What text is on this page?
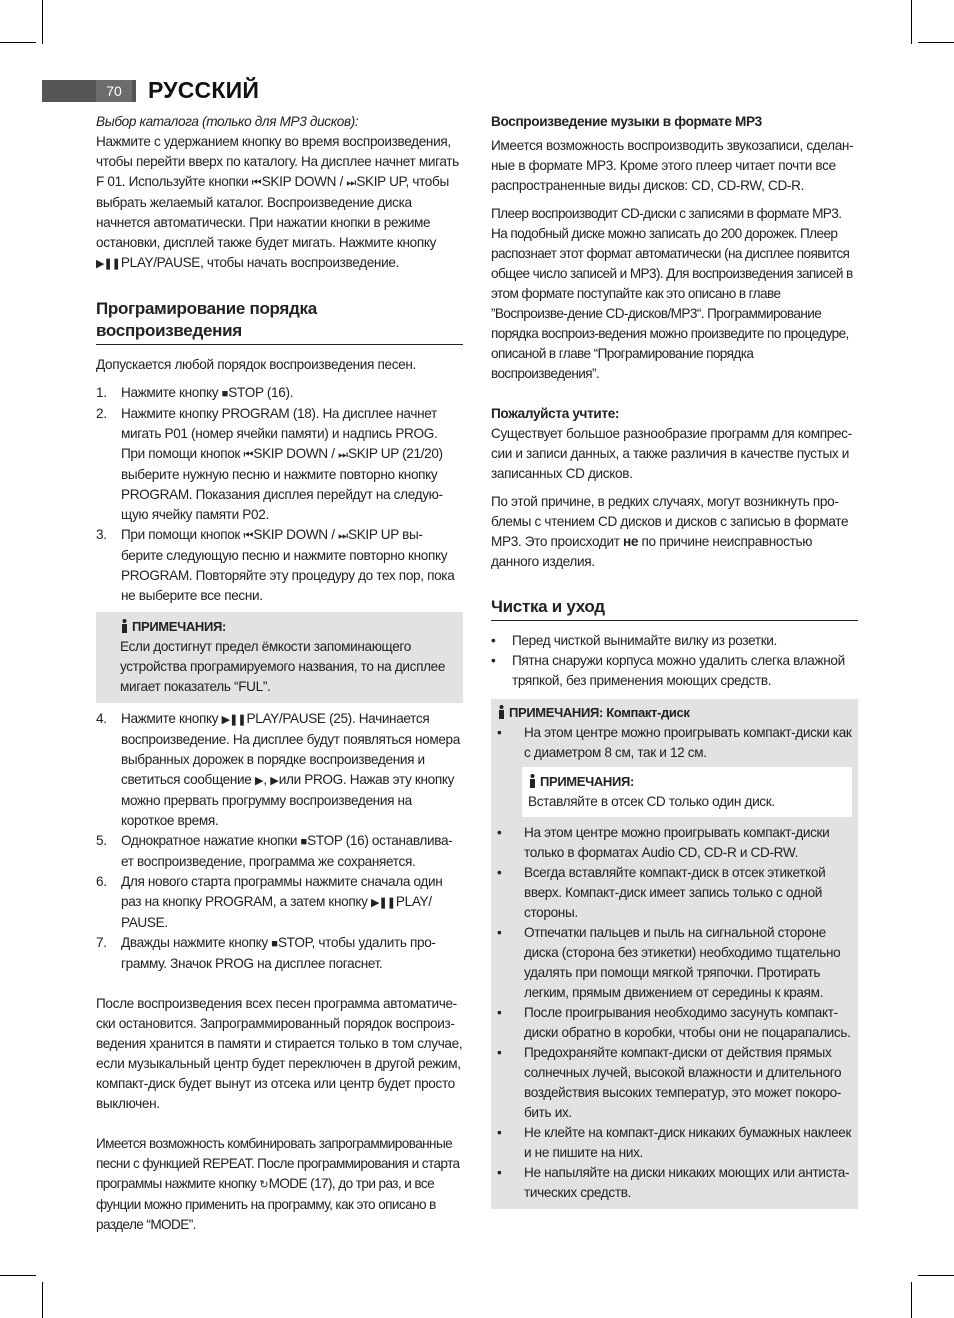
70	РУССКИЙ

Выбор каталога (только для MP3 дисков):

Нажмите с удержанием кнопку во время воспроизведения, чтобы перейти вверх по каталогу. На дисплее начнет мигать F 01. Используйте кнопки ⏮SKIP DOWN / ⏭SKIP UP, чтобы выбрать желаемый каталог. Воспроизведение диска начнется автоматически. При нажатии кнопки в режиме остановки, дисплей также будет мигать. Нажмите кнопку ▶❚❚PLAY/PAUSE, чтобы начать воспроизведение.

Програмирование порядка воспроизведения

Допускается любой порядок воспроизведения песен.

1. Нажмите кнопку ■STOP (16).
2. Нажмите кнопку PROGRAM (18). На дисплее начнет мигать P01 (номер ячейки памяти) и надпись PROG. При помощи кнопок ⏮SKIP DOWN / ⏭SKIP UP (21/20) выберите нужную песню и нажмите повторно кнопку PROGRAM. Показания дисплея перейдут на следую-щую ячейку памяти P02.
3. При помощи кнопок ⏮SKIP DOWN / ⏭SKIP UP вы-берите следующую песню и нажмите повторно кнопку PROGRAM. Повторяйте эту процедуру до тех пор, пока не выберите все песни.
ПРИМЕЧАНИЯ:

Если достигнут предел ёмкости запоминающего устройства програмируемого названия, то на дисплее мигает показатель “FUL”.

4. Нажмите кнопку ▶❚❚PLAY/PAUSE (25). Начинается воспроизведение. На дисплее будут появляться номера выбранных дорожек в порядке воспроизведения и светиться сообщение ▶, ▶или PROG. Нажав эту кнопку можно прервать прогрумму воспроизведения на короткое время.
5. Однократное нажатие кнопки ■STOP (16) останавлива-ет воспроизведение, программа же сохраняется.
6. Для нового старта программы нажмите сначала один раз на кнопку PROGRAM, а затем кнопку ▶❚❚PLAY/ PAUSE.
7. Дважды нажмите кнопку ■STOP, чтобы удалить про-грамму. Значок PROG на дисплее погаснет.

После воспроизведения всех песен программа автоматиче-ски остановится. Запрограммированный порядок воспроиз-ведения хранится в памяти и стирается только в том случае, если музыкальный центр будет переключен в другой режим, компакт-диск будет вынут из отсека или центр будет просто выключен.

Имеется возможность комбинировать запрограммированные песни с функцией REPEAT. После программирования и старта программы нажмите кнопку ↻MODE (17), до три раз, и все фунции можно применить на программу, как это описано в разделе “MODE”.

Воспроизведение музыки в формате MP3

Имеется возможность воспроизводить звукозаписи, сделан-ные в формате MP3. Кроме этого плеер читает почти все распространенные виды дисков: CD, CD-RW, CD-R.

Плеер воспроизводит CD-диски с записями в формате MP3. На подобный диске можно записать до 200 дорожек. Плеер распознает этот формат автоматически (на дисплее появится общее число записей и MP3). Для воспроизведения записей в этом формате поступайте как это описано в главе ”Воспроизве-дение CD-дисков/MP3“. Программирование порядка воспроиз-ведения можно произведите по процедуре, описаной в главе “Програмирование порядка воспроизведения”.

Пожалуйста учтите:

Существует большое разнообразие программ для компрес-сии и записи данных, а также различия в качестве пустых и записанных CD дисков.

По этой причине, в редких случаях, могут возникнуть про-блемы с чтением CD дисков и дисков с записью в формате MP3. Это происходит не по причине неисправностью данного изделия.

Чистка и уход
• Перед чисткой вынимайте вилку из розетки.
• Пятна снаружи корпуса можно удалить слегка влажной тряпкой, без применения моющих средств.
ПРИМЕЧАНИЯ: Компакт-диск
• На этом центре можно проигрывать компакт-диски как с диаметром 8 см, так и 12 см.
ПРИМЕЧАНИЯ:

Вставляйте в отсек CD только один диск.

• На этом центре можно проигрывать компакт-диски только в форматах Audio CD, CD-R и CD-RW.
• Всегда вставляйте компакт-диск в отсек этикеткой вверх. Компакт-диск имеет запись только с одной стороны.
• Отпечатки пальцев и пыль на сигнальной стороне диска (сторона без этикетки) необходимо тщательно удалять при помощи мягкой тряпочки. Протирать легким, прямым движением от середины к краям.
• После проигрывания необходимо засунуть компакт-диски обратно в коробки, чтобы они не поцарапались.
• Предохраняйте компакт-диски от действия прямых солнечных лучей, высокой влажности и длительного воздействия высоких температур, это может покоро-бить их.
• Не клейте на компакт-диск никаких бумажных наклеек и не пишите на них.
• Не напыляйте на диски никаких моющих или антиста-тических средств.
